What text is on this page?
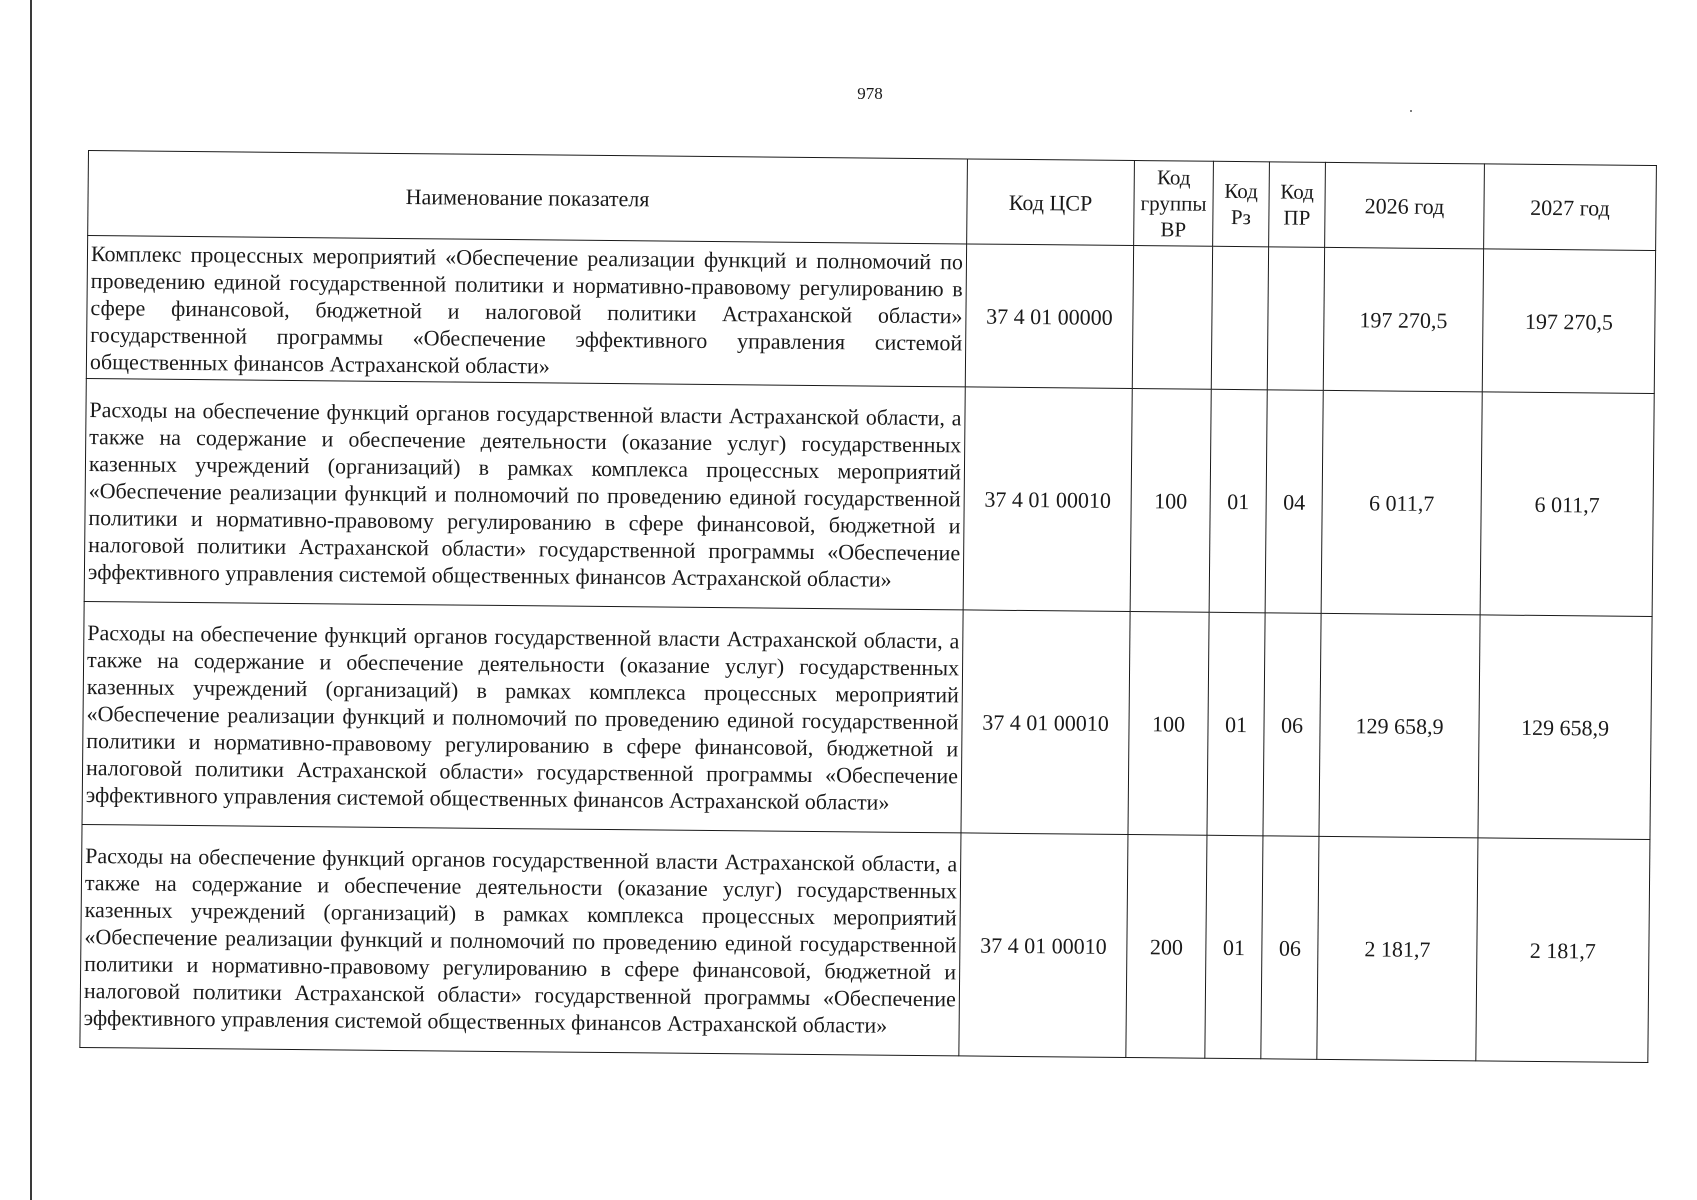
978
Наименование показателя	Код ЦСР	Код группы ВР	Код Рз	Код ПР	2026 год	2027 год
Комплекс процессных мероприятий «Обеспечение реализации функций и полномочий по проведению единой государственной политики и нормативно-правовому регулированию в сфере финансовой, бюджетной и налоговой политики Астраханской области» государственной программы «Обеспечение эффективного управления системой общественных финансов Астраханской области»	37 4 01 00000				197 270,5	197 270,5
Расходы на обеспечение функций органов государственной власти Астраханской области, а также на содержание и обеспечение деятельности (оказание услуг) государственных казенных учреждений (организаций) в рамках комплекса процессных мероприятий «Обеспечение реализации функций и полномочий по проведению единой государственной политики и нормативно-правовому регулированию в сфере финансовой, бюджетной и налоговой политики Астраханской области» государственной программы «Обеспечение эффективного управления системой общественных финансов Астраханской области»	37 4 01 00010	100	01	04	6 011,7	6 011,7
Расходы на обеспечение функций органов государственной власти Астраханской области, а также на содержание и обеспечение деятельности (оказание услуг) государственных казенных учреждений (организаций) в рамках комплекса процессных мероприятий «Обеспечение реализации функций и полномочий по проведению единой государственной политики и нормативно-правовому регулированию в сфере финансовой, бюджетной и налоговой политики Астраханской области» государственной программы «Обеспечение эффективного управления системой общественных финансов Астраханской области»	37 4 01 00010	100	01	06	129 658,9	129 658,9
Расходы на обеспечение функций органов государственной власти Астраханской области, а также на содержание и обеспечение деятельности (оказание услуг) государственных казенных учреждений (организаций) в рамках комплекса процессных мероприятий «Обеспечение реализации функций и полномочий по проведению единой государственной политики и нормативно-правовому регулированию в сфере финансовой, бюджетной и налоговой политики Астраханской области» государственной программы «Обеспечение эффективного управления системой общественных финансов Астраханской области»	37 4 01 00010	200	01	06	2 181,7	2 181,7
